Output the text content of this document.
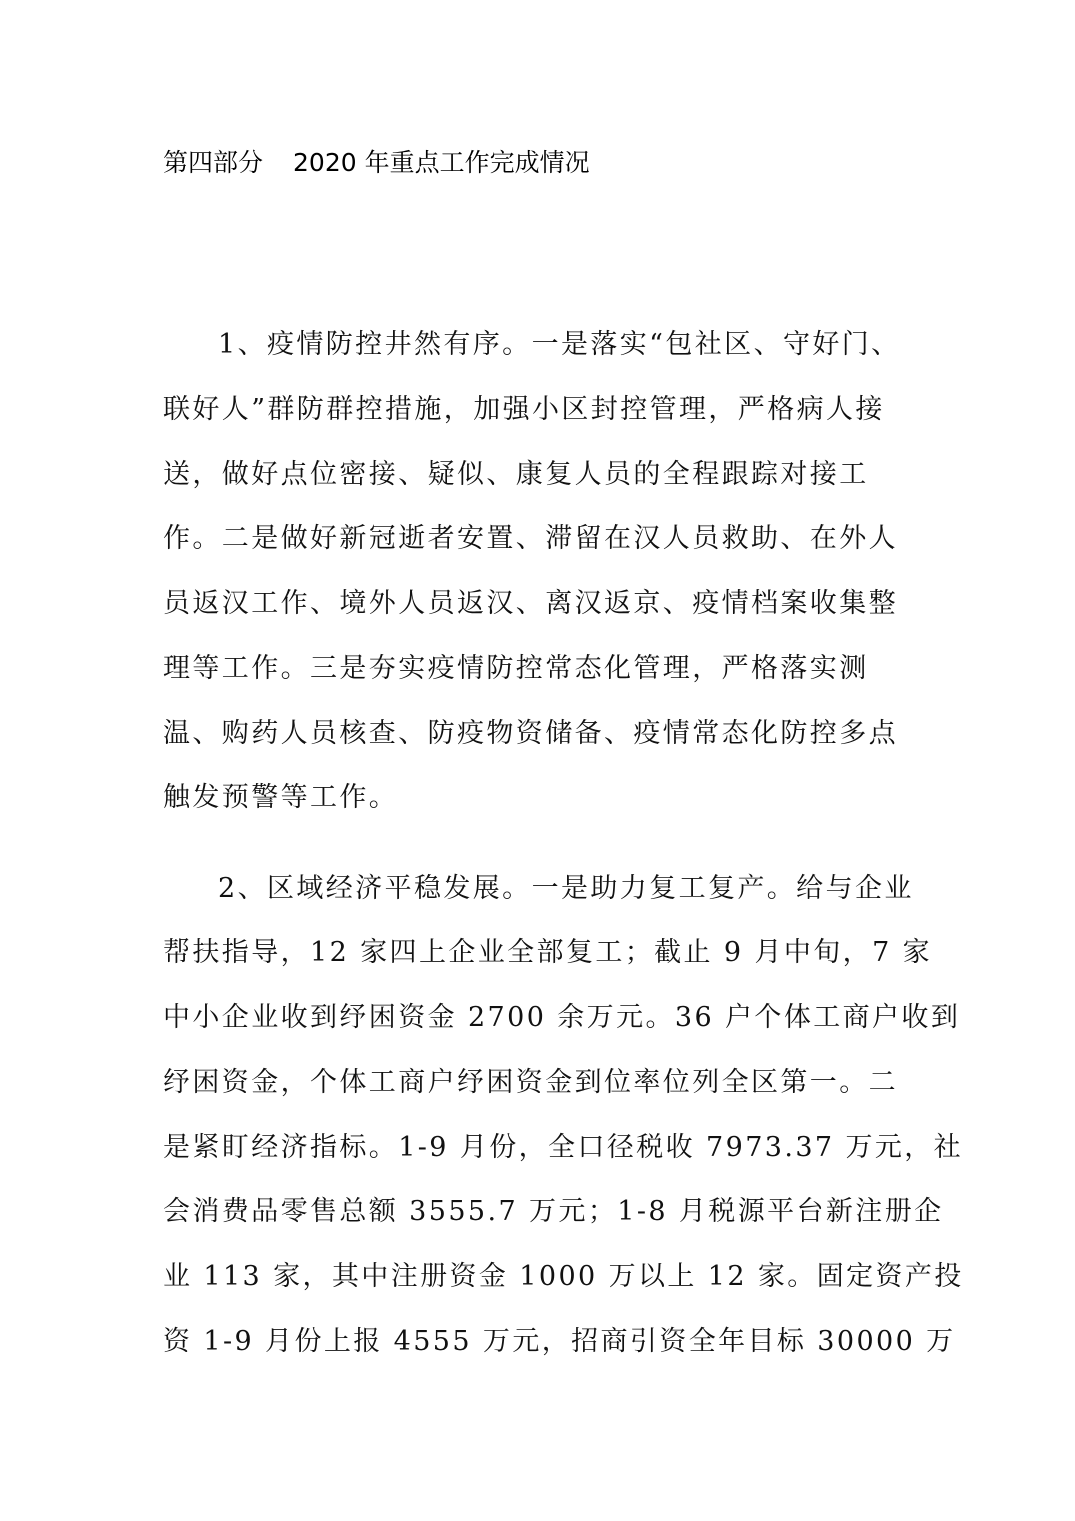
第四部分 2020 年重点工作完成情况
1、疫情防控井然有序。一是落实“包社区、守好门、
联好人”群防群控措施，加强小区封控管理，严格病人接
送，做好点位密接、疑似、康复人员的全程跟踪对接工
作。二是做好新冠逝者安置、滞留在汉人员救助、在外人
员返汉工作、境外人员返汉、离汉返京、疫情档案收集整
理等工作。三是夯实疫情防控常态化管理，严格落实测
温、购药人员核查、防疫物资储备、疫情常态化防控多点
触发预警等工作。
2、区域经济平稳发展。一是助力复工复产。给与企业
帮扶指导，12 家四上企业全部复工；截止 9 月中旬，7 家
中小企业收到纾困资金 2700 余万元。36 户个体工商户收到
纾困资金，个体工商户纾困资金到位率位列全区第一。二
是紧盯经济指标。1-9 月份，全口径税收 7973.37 万元，社
会消费品零售总额 3555.7 万元；1-8 月税源平台新注册企
业 113 家，其中注册资金 1000 万以上 12 家。固定资产投
资 1-9 月份上报 4555 万元，招商引资全年目标 30000 万
